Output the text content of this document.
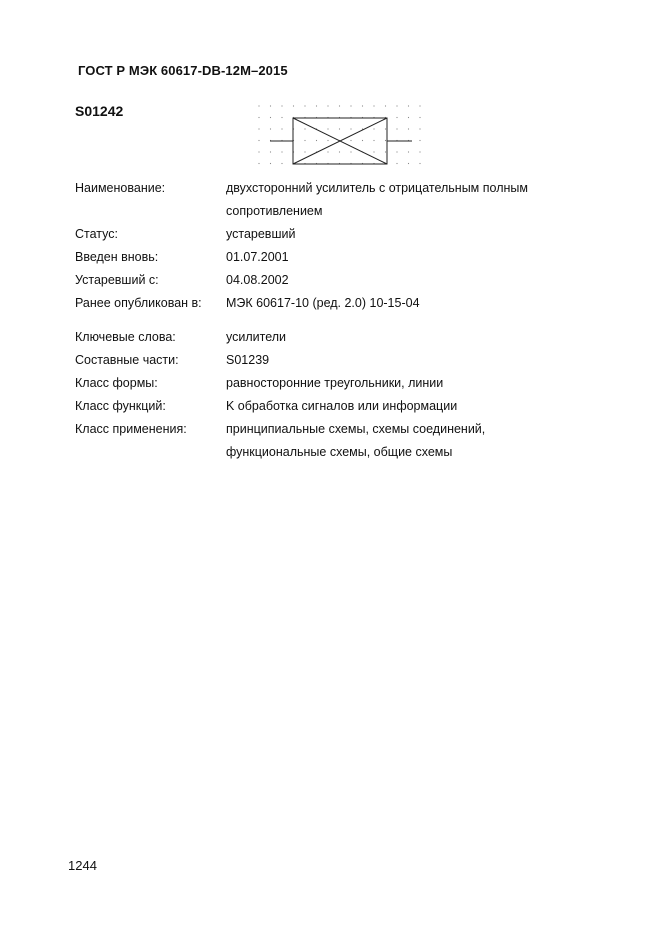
ГОСТ Р МЭК 60617-DB-12M–2015
S01242
Наименование:
Статус:
Введен вновь:
Устаревший с:
Ранее опубликован в:
Ключевые слова:
Составные части:
Класс формы:
Класс функций:
Класс применения:
двухсторонний усилитель с отрицательным полным
сопротивлением
устаревший
01.07.2001
04.08.2002
МЭК 60617-10 (ред. 2.0) 10-15-04
усилители
S01239
равносторонние треугольники, линии
K обработка сигналов или информации
принципиальные схемы, схемы соединений,
функциональные схемы, общие схемы
1244
